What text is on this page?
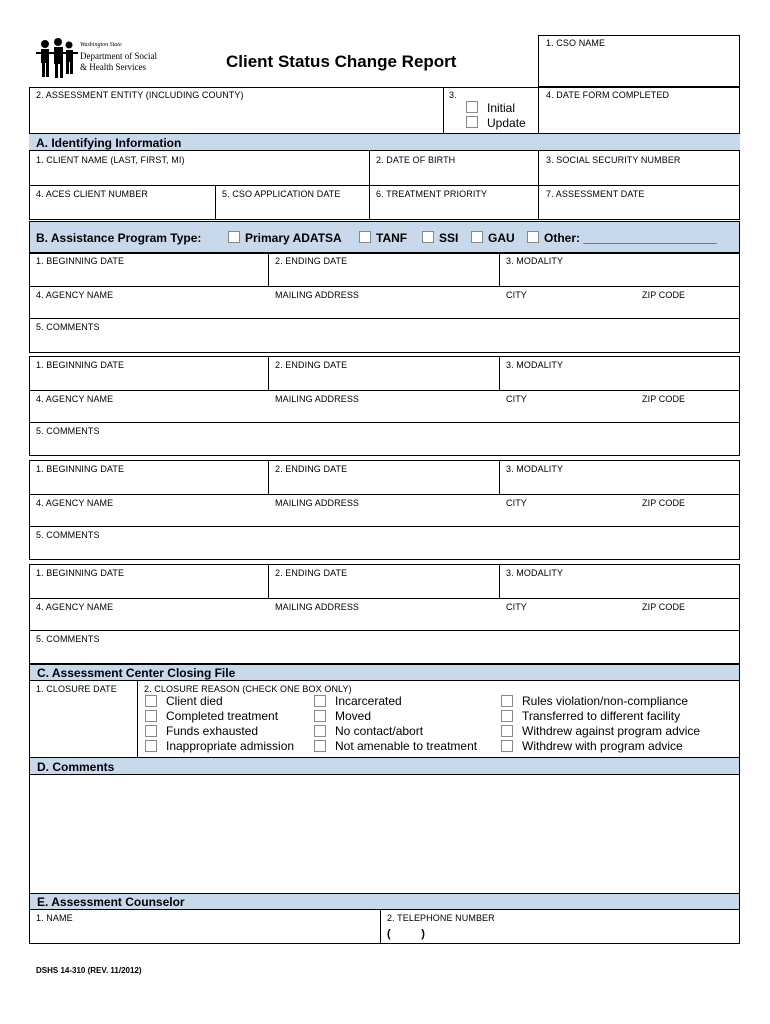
Washington State
Department of Social
& Health Services	Client Status Change Report
1. CSO NAME
2. ASSESSMENT ENTITY (INCLUDING COUNTY)	3.
Initial
Update
4. DATE FORM COMPLETED
A. Identifying Information
1. CLIENT NAME (LAST, FIRST, MI)	2. DATE OF BIRTH	3. SOCIAL SECURITY NUMBER
4. ACES CLIENT NUMBER	5. CSO APPLICATION DATE	6. TREATMENT PRIORITY	7. ASSESSMENT DATE
B. Assistance Program Type:	Primary ADATSA	TANF	SSI GAU Other: ____________________
1. BEGINNING DATE	2. ENDING DATE	3. MODALITY
4. AGENCY NAME	MAILING ADDRESS	CITY	ZIP CODE
5. COMMENTS
1. BEGINNING DATE	2. ENDING DATE	3. MODALITY
4. AGENCY NAME	MAILING ADDRESS	CITY	ZIP CODE
5. COMMENTS
1. BEGINNING DATE	2. ENDING DATE	3. MODALITY
4. AGENCY NAME	MAILING ADDRESS	CITY	ZIP CODE
5. COMMENTS
1. BEGINNING DATE	2. ENDING DATE	3. MODALITY
4. AGENCY NAME	MAILING ADDRESS	CITY	ZIP CODE
5. COMMENTS
C. Assessment Center Closing File
1. CLOSURE DATE	2. CLOSURE REASON (CHECK ONE BOX ONLY)
Client died
Completed treatment
Funds exhausted
Inappropriate admission
Incarcerated
Moved
No contact/abort
Not amenable to treatment
Rules violation/non-compliance
Transferred to different facility
Withdrew against program advice
Withdrew with program advice
D. Comments
E. Assessment Counselor
1. NAME	2. TELEPHONE NUMBER
(          )
DSHS 14-310 (REV. 11/2012)
